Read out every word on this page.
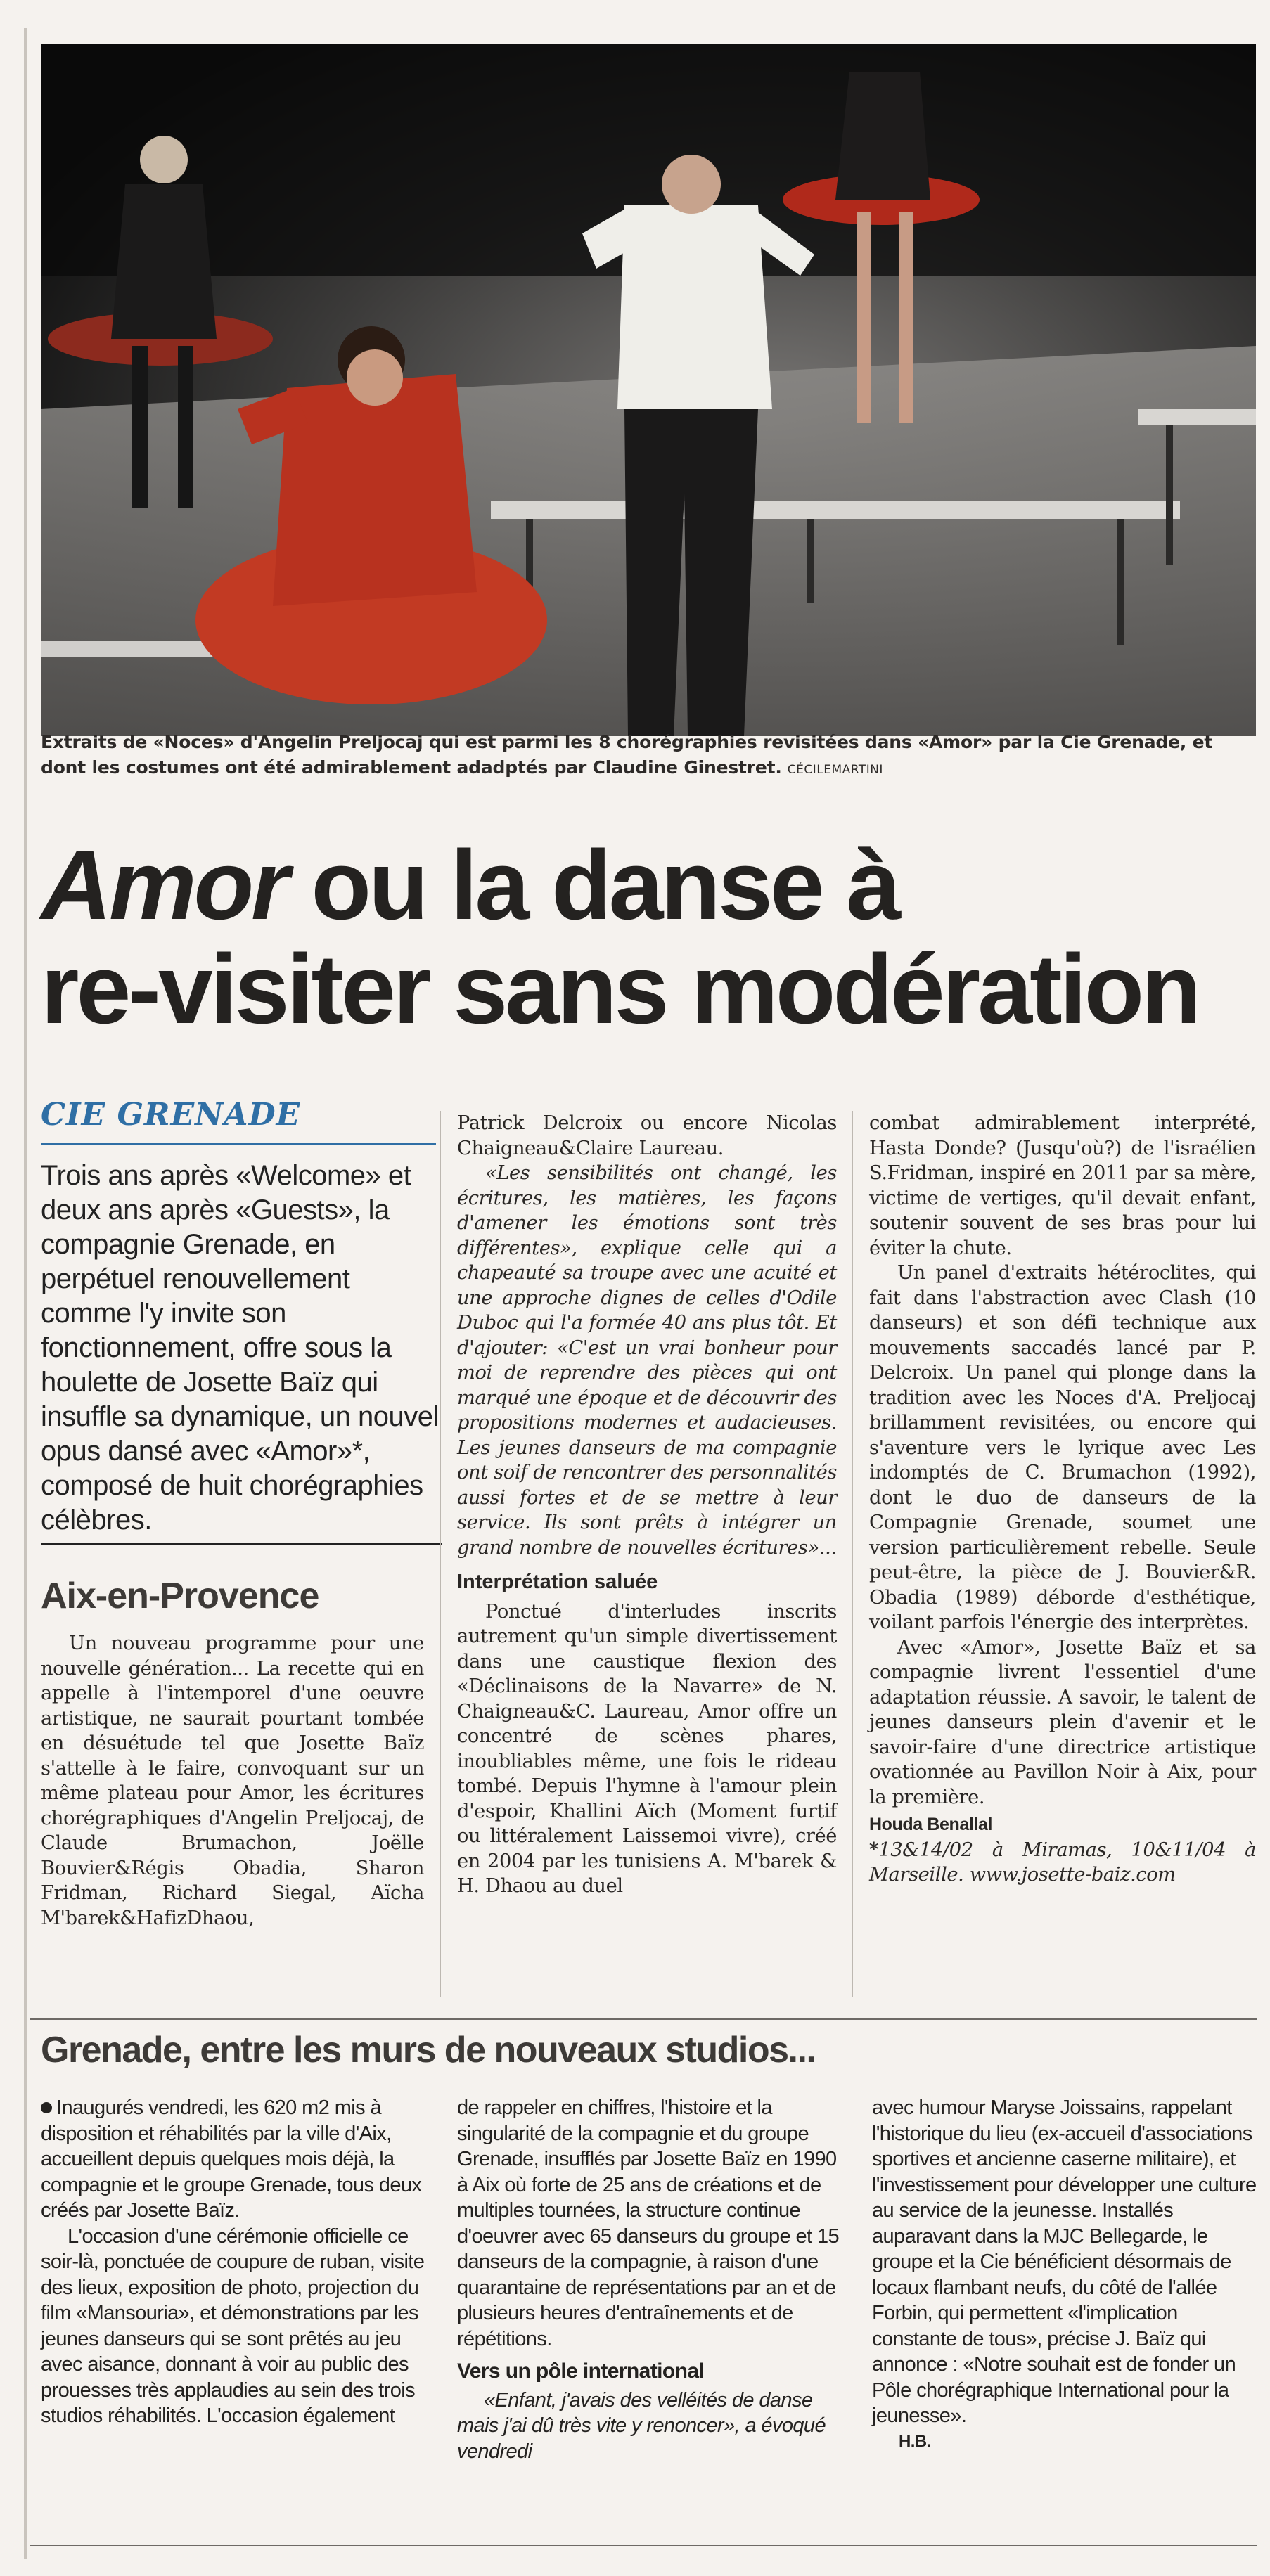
Extraits de «Noces» d'Angelin Preljocaj qui est parmi les 8 chorégraphies revisitées dans «Amor» par la Cie Grenade, et dont les costumes ont été admirablement adadptés par Claudine Ginestret. CÉCILEMARTINI
Amor ou la danse à
re-visiter sans modération
CIE GRENADE
Trois ans après «Welcome» et deux ans après «Guests», la compagnie Grenade, en perpétuel renouvellement comme l'y invite son fonctionnement, offre sous la houlette de Josette Baïz qui insuffle sa dynamique, un nouvel opus dansé avec «Amor»*, composé de huit chorégraphies célèbres.
Aix-en-Provence

Un nouveau programme pour une nouvelle génération... La recette qui en appelle à l'intemporel d'une oeuvre artistique, ne saurait pourtant tombée en désuétude tel que Josette Baïz s'attelle à le faire, convoquant sur un même plateau pour Amor, les écritures chorégraphiques d'Angelin Preljocaj, de Claude Brumachon, Joëlle Bouvier&Régis Obadia, Sharon Fridman, Richard Siegal, Aïcha M'barek&HafizDhaou,

Patrick Delcroix ou encore Nicolas Chaigneau&Claire Laureau.

«Les sensibilités ont changé, les écritures, les matières, les façons d'amener les émotions sont très différentes», explique celle qui a chapeauté sa troupe avec une acuité et une approche dignes de celles d'Odile Duboc qui l'a formée 40 ans plus tôt. Et d'ajouter: «C'est un vrai bonheur pour moi de reprendre des pièces qui ont marqué une époque et de découvrir des propositions modernes et audacieuses. Les jeunes danseurs de ma compagnie ont soif de rencontrer des personnalités aussi fortes et de se mettre à leur service. Ils sont prêts à intégrer un grand nombre de nouvelles écritures»...

Interprétation saluée

Ponctué d'interludes inscrits autrement qu'un simple divertissement dans une caustique flexion des «Déclinaisons de la Navarre» de N. Chaigneau&C. Laureau, Amor offre un concentré de scènes phares, inoubliables même, une fois le rideau tombé. Depuis l'hymne à l'amour plein d'espoir, Khallini Aïch (Moment furtif ou littéralement Laissemoi vivre), créé en 2004 par les tunisiens A. M'barek & H. Dhaou au duel

combat admirablement interprété, Hasta Donde? (Jusqu'où?) de l'israélien S.Fridman, inspiré en 2011 par sa mère, victime de vertiges, qu'il devait enfant, soutenir souvent de ses bras pour lui éviter la chute.

Un panel d'extraits hétéroclites, qui fait dans l'abstraction avec Clash (10 danseurs) et son défi technique aux mouvements saccadés lancé par P. Delcroix. Un panel qui plonge dans la tradition avec les Noces d'A. Preljocaj brillamment revisitées, ou encore qui s'aventure vers le lyrique avec Les indomptés de C. Brumachon (1992), dont le duo de danseurs de la Compagnie Grenade, soumet une version particulièrement rebelle. Seule peut-être, la pièce de J. Bouvier&R. Obadia (1989) déborde d'esthétique, voilant parfois l'énergie des interprètes.

Avec «Amor», Josette Baïz et sa compagnie livrent l'essentiel d'une adaptation réussie. A savoir, le talent de jeunes danseurs plein d'avenir et le savoir-faire d'une directrice artistique ovationnée au Pavillon Noir à Aix, pour la première.

Houda Benallal

*13&14/02 à Miramas, 10&11/04 à Marseille. www.josette-baiz.com

Grenade, entre les murs de nouveaux studios...

Inaugurés vendredi, les 620 m2 mis à disposition et réhabilités par la ville d'Aix, accueillent depuis quelques mois déjà, la compagnie et le groupe Grenade, tous deux créés par Josette Baïz.

L'occasion d'une cérémonie officielle ce soir-là, ponctuée de coupure de ruban, visite des lieux, exposition de photo, projection du film «Mansouria», et démonstrations par les jeunes danseurs qui se sont prêtés au jeu avec aisance, donnant à voir au public des prouesses très applaudies au sein des trois studios réhabilités. L'occasion également

de rappeler en chiffres, l'histoire et la singularité de la compagnie et du groupe Grenade, insufflés par Josette Baïz en 1990 à Aix où forte de 25 ans de créations et de multiples tournées, la structure continue d'oeuvrer avec 65 danseurs du groupe et 15 danseurs de la compagnie, à raison d'une quarantaine de représentations par an et de plusieurs heures d'entraînements et de répétitions.

Vers un pôle international

«Enfant, j'avais des velléités de danse mais j'ai dû très vite y renoncer», a évoqué vendredi

avec humour Maryse Joissains, rappelant l'historique du lieu (ex-accueil d'associations sportives et ancienne caserne militaire), et l'investissement pour développer une culture au service de la jeunesse. Installés auparavant dans la MJC Bellegarde, le groupe et la Cie bénéficient désormais de locaux flambant neufs, du côté de l'allée Forbin, qui permettent «l'implication constante de tous», précise J. Baïz qui annonce : «Notre souhait est de fonder un Pôle chorégraphique International pour la jeunesse».

H.B.
